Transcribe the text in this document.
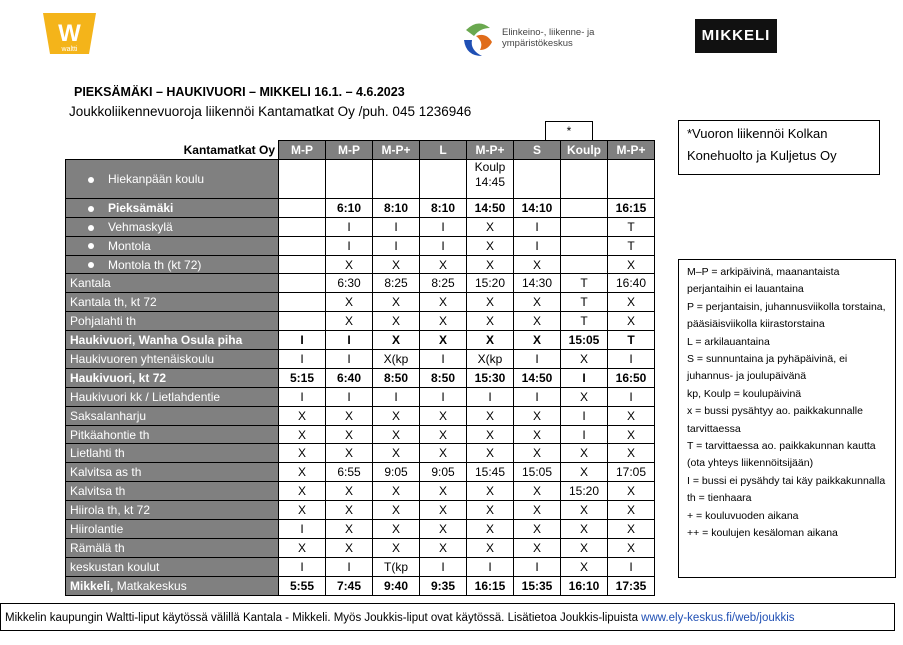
W
waltti
Elinkeino-, liikenne- ja
ympäristökeskus	MIKKELI
PIEKSÄMÄKI – HAUKIVUORI – MIKKELI 16.1. – 4.6.2023
Joukkoliikennevuoroja liikennöi Kantamatkat Oy /puh. 045 1236946
*
Kantamatkat Oy	M-P	M-P	M-P+	L	M-P+	S	Koulp	M-P+
Hiekanpään koulu					Koulp
14:45			
Pieksämäki		6:10	8:10	8:10	14:50	14:10		16:15
Vehmaskylä		I	I	I	X	I		T
Montola		I	I	I	X	I		T
Montola th (kt 72)		X	X	X	X	X		X
Kantala		6:30	8:25	8:25	15:20	14:30	T	16:40
Kantala th, kt 72		X	X	X	X	X	T	X
Pohjalahti th		X	X	X	X	X	T	X
Haukivuori, Wanha Osula piha	I	I	X	X	X	X	15:05	T
Haukivuoren yhtenäiskoulu	I	I	X(kp	I	X(kp	I	X	I
Haukivuori, kt 72	5:15	6:40	8:50	8:50	15:30	14:50	I	16:50
Haukivuori kk / Lietlahdentie	I	I	I	I	I	I	X	I
Saksalanharju	X	X	X	X	X	X	I	X
Pitkäahontie th	X	X	X	X	X	X	I	X
Lietlahti th	X	X	X	X	X	X	X	X
Kalvitsa as th	X	6:55	9:05	9:05	15:45	15:05	X	17:05
Kalvitsa th	X	X	X	X	X	X	15:20	X
Hiirola th, kt 72	X	X	X	X	X	X	X	X
Hiirolantie	I	X	X	X	X	X	X	X
Rämälä th	X	X	X	X	X	X	X	X
keskustan koulut	I	I	T(kp	I	I	I	X	I
Mikkeli, Matkakeskus	5:55	7:45	9:40	9:35	16:15	15:35	16:10	17:35
*Vuoron liikennöi Kolkan
Konehuolto ja Kuljetus Oy
M–P = arkipäivinä, maanantaista perjantaihin ei lauantaina
P = perjantaisin, juhannusviikolla torstaina, pääsiäisviikolla kiirastorstaina
L = arkilauantaina
S = sunnuntaina ja pyhäpäivinä, ei juhannus- ja joulupäivänä
kp, Koulp = koulupäivinä
x = bussi pysähtyy ao. paikkakunnalle tarvittaessa
T = tarvittaessa ao. paikkakunnan kautta (ota yhteys liikennöitsijään)
I = bussi ei pysähdy tai käy paikkakunnalla
th = tienhaara
+ = kouluvuoden aikana
++ = koulujen kesäloman aikana
Mikkelin kaupungin Waltti-liput käytössä välillä Kantala - Mikkeli. Myös Joukkis-liput ovat käytössä. Lisätietoa Joukkis-lipuista www.ely-keskus.fi/web/joukkis
